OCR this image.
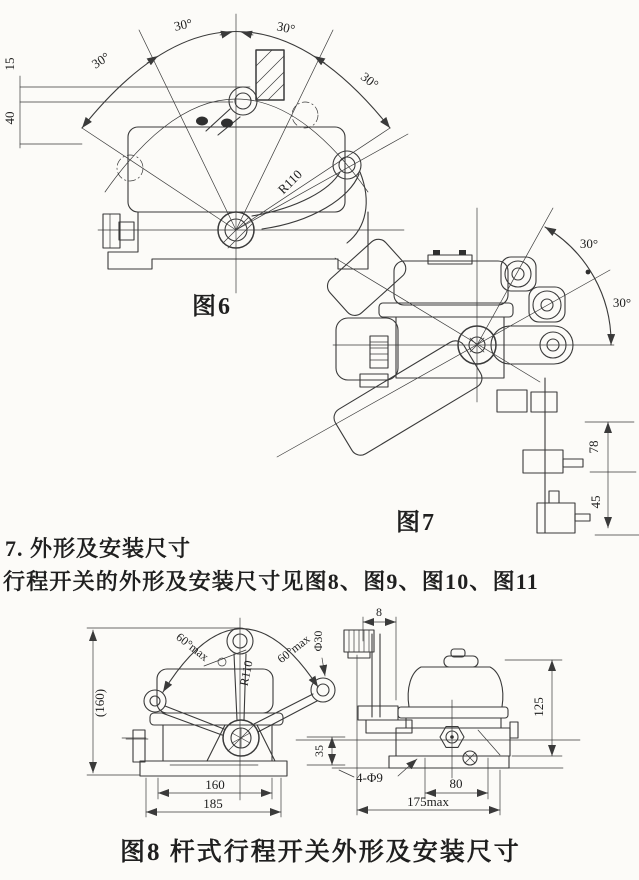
15
40
30°
30°	30°
30°
R110
30°
30°
78
45
图6
图7
7. 外形及安装尺寸
行程开关的外形及安装尺寸见图8、图9、图10、图11
(160)
R110
60°max	60°max
Φ30
160
185
35
8
125
4-Φ9	80
175max
图8 杆式行程开关外形及安装尺寸
